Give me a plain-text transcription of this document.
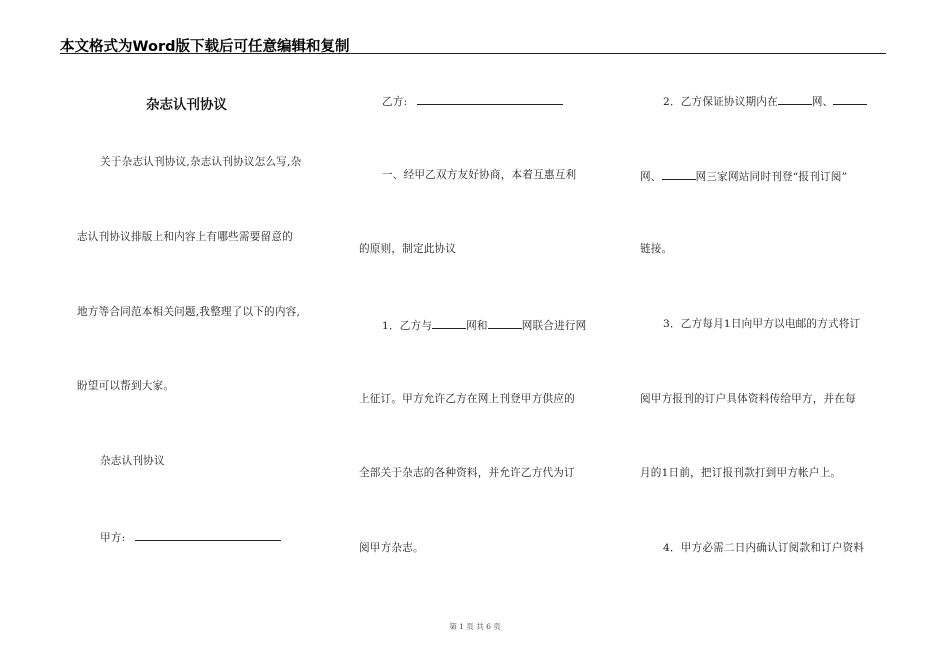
本文格式为Word版下载后可任意编辑和复制
杂志认刊协议
关于杂志认刊协议,杂志认刊协议怎么写,杂
志认刊协议排版上和内容上有哪些需要留意的
地方等合同范本相关问题,我整理了以下的内容,
盼望可以帮到大家。
杂志认刊协议
甲方:
乙方:
一、经甲乙双方友好协商，本着互惠互利
的原则，制定此协议
1．乙方与	网和	网联合进行网
上征订。甲方允许乙方在网上刊登甲方供应的
全部关于杂志的各种资料，并允许乙方代为订
阅甲方杂志。
2．乙方保证协议期内在	网、
网、	网三家网站同时刊登“报刊订阅”
链接。
3．乙方每月1日向甲方以电邮的方式将订
阅甲方报刊的订户具体资料传给甲方，并在每
月的1日前，把订报刊款打到甲方帐户上。
4．甲方必需二日内确认订阅款和订户资料
第 1 页 共 6 页
